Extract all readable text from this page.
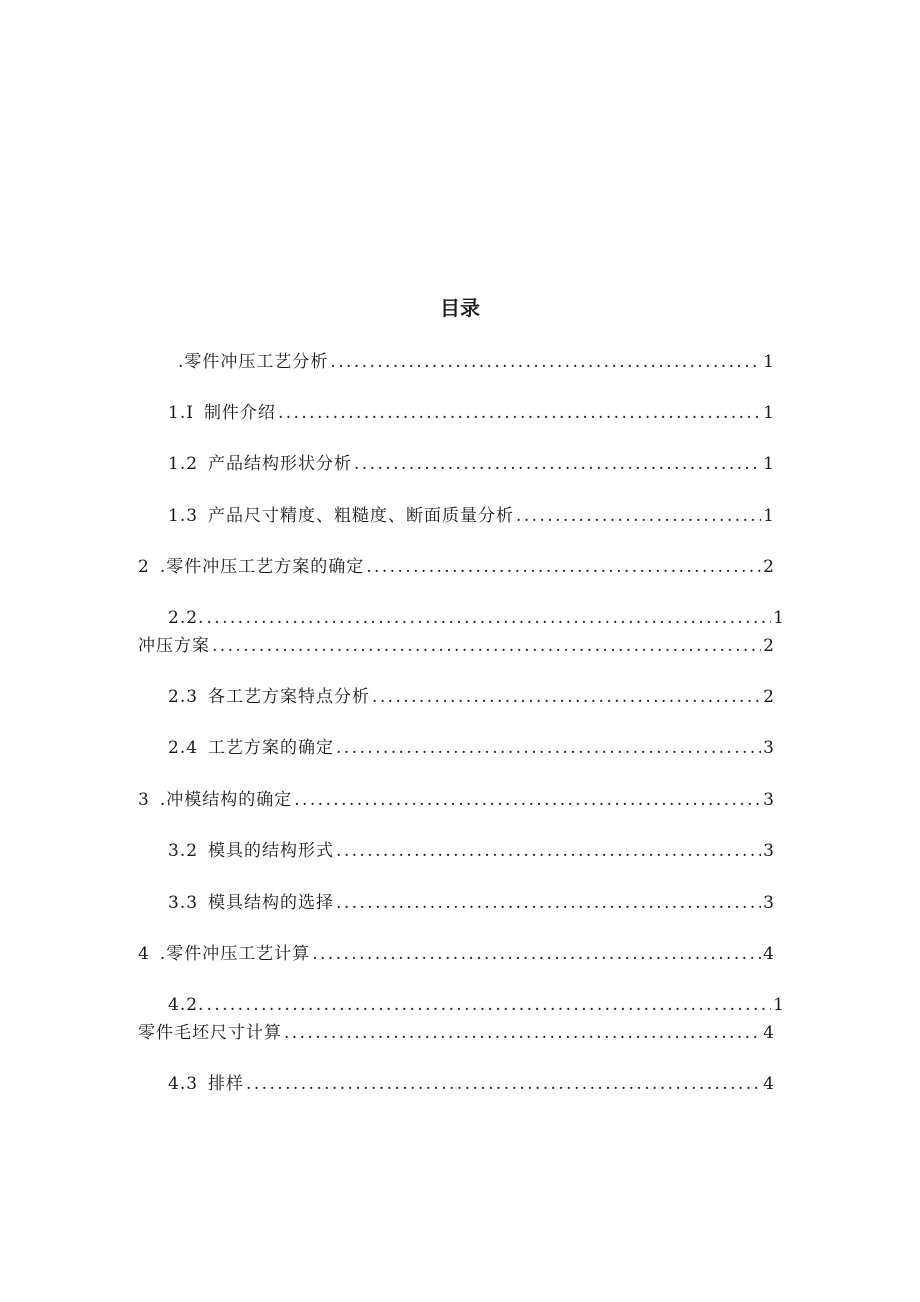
目录
.零件冲压工艺分析 . . .	1
1.I 制件介绍 . . .	1
1.2 产品结构形状分析 . . .	1
1.3 产品尺寸精度、粗糙度、断面质量分析 . . .	1
2 .零件冲压工艺方案的确定 . . .	2
2.2. . . .	1
冲压方案 . . .	2
2.3 各工艺方案特点分析 . . .	2
2.4 工艺方案的确定 . . .	3
3 .冲模结构的确定 . . .	3
3.2 模具的结构形式 . . .	3
3.3 模具结构的选择 . . .	3
4 .零件冲压工艺计算 . . .	4
4.2. . . .	1
零件毛坯尺寸计算 . . .	4
4.3 排样 . . .	4
